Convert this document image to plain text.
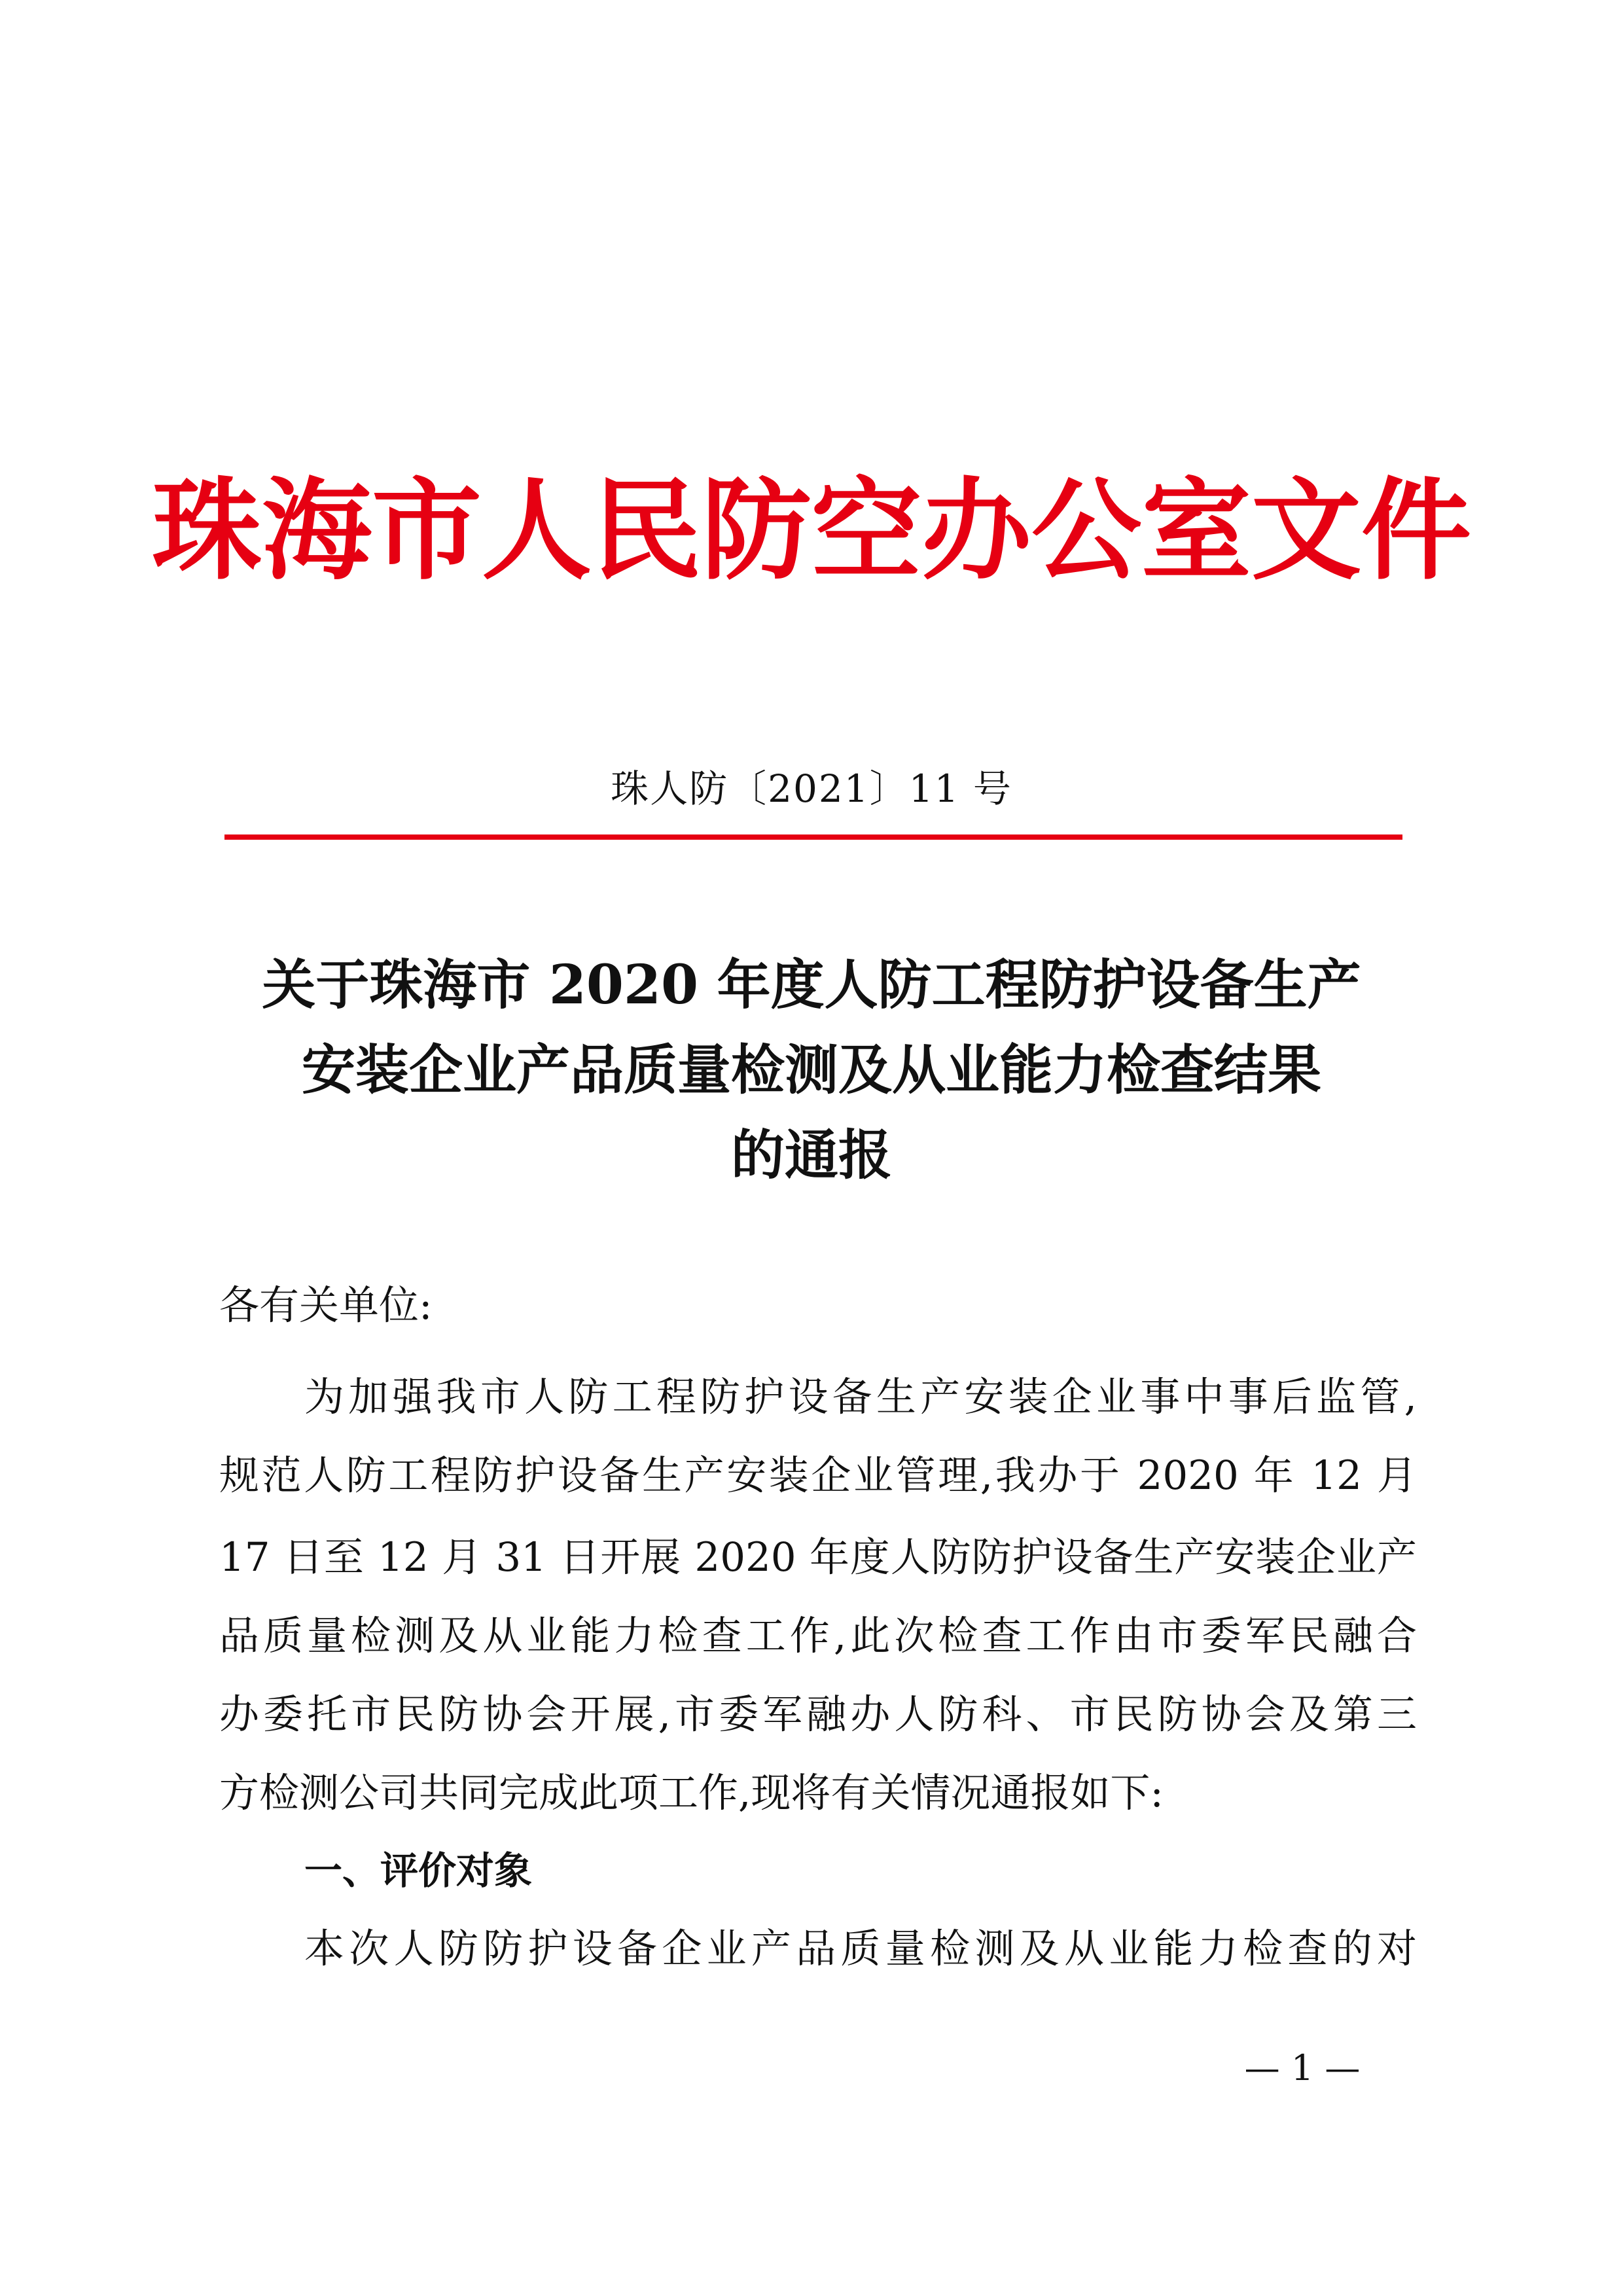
珠海市人民防空办公室文件
珠人防〔2021〕11 号
关于珠海市 2020 年度人防工程防护设备生产
安装企业产品质量检测及从业能力检查结果
的通报
各有关单位:
为加强我市人防工程防护设备生产安装企业事中事后监管,
规范人防工程防护设备生产安装企业管理,我办于 2020 年 12 月
17 日至 12 月 31 日开展 2020 年度人防防护设备生产安装企业产
品质量检测及从业能力检查工作,此次检查工作由市委军民融合
办委托市民防协会开展,市委军融办人防科、市民防协会及第三
方检测公司共同完成此项工作,现将有关情况通报如下:
一、评价对象
本次人防防护设备企业产品质量检测及从业能力检查的对
— 1 —
